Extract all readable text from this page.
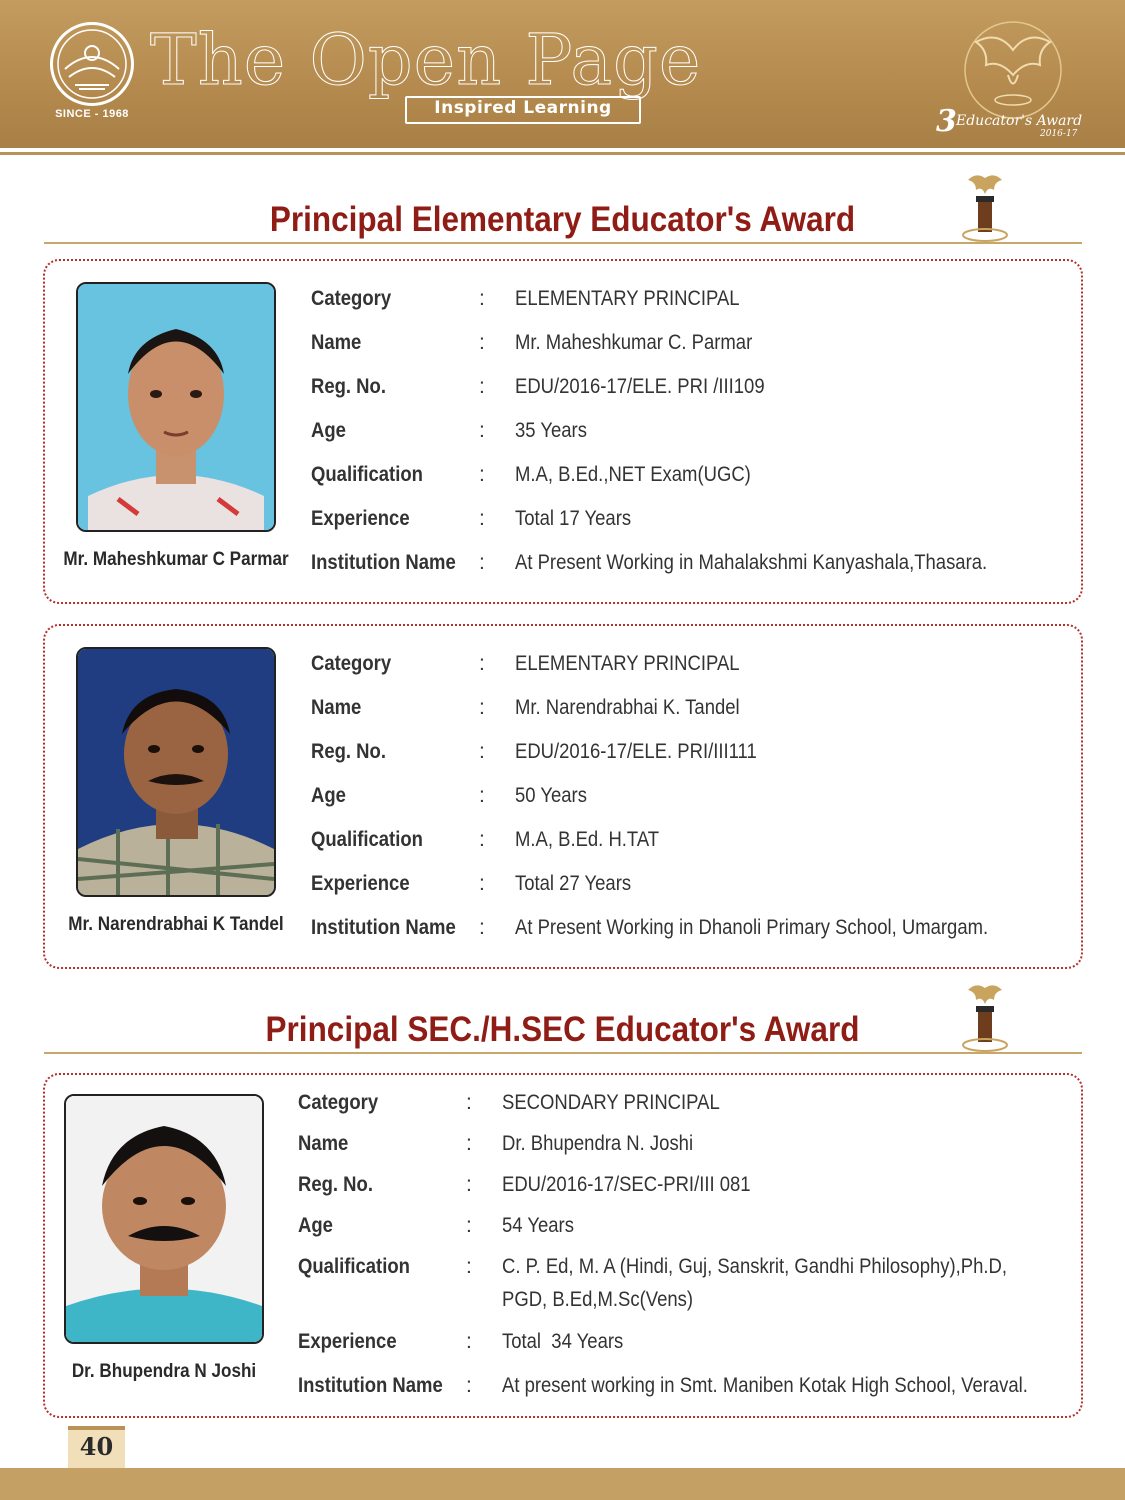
SINCE - 1968
The Open Page
Inspired Learning	3 Educator's Award
2016-17
Principal Elementary Educator's Award
Mr. Maheshkumar C Parmar
Category	: ELEMENTARY PRINCIPAL
Name	: Mr. Maheshkumar C. Parmar
Reg. No.	: EDU/2016-17/ELE. PRI /III109
Age	: 35 Years
Qualification	: M.A, B.Ed.,NET Exam(UGC)
Experience	: Total 17 Years
Institution Name : At Present Working in Mahalakshmi Kanyashala,Thasara.
Mr. Narendrabhai K Tandel
Category	: ELEMENTARY PRINCIPAL
Name	: Mr. Narendrabhai K. Tandel
Reg. No.	: EDU/2016-17/ELE. PRI/III111
Age	: 50 Years
Qualification	: M.A, B.Ed. H.TAT
Experience	: Total 27 Years
Institution Name : At Present Working in Dhanoli Primary School, Umargam.
Principal SEC./H.SEC Educator's Award
Dr. Bhupendra N Joshi
Category	: SECONDARY PRINCIPAL
Name	: Dr. Bhupendra N. Joshi
Reg. No.	: EDU/2016-17/SEC-PRI/III 081
Age	: 54 Years
Qualification	: C. P. Ed, M. A (Hindi, Guj, Sanskrit, Gandhi Philosophy),Ph.D, PGD, B.Ed,M.Sc(Vens)
Experience	: Total  34 Years
Institution Name : At present working in Smt. Maniben Kotak High School, Veraval.
40
